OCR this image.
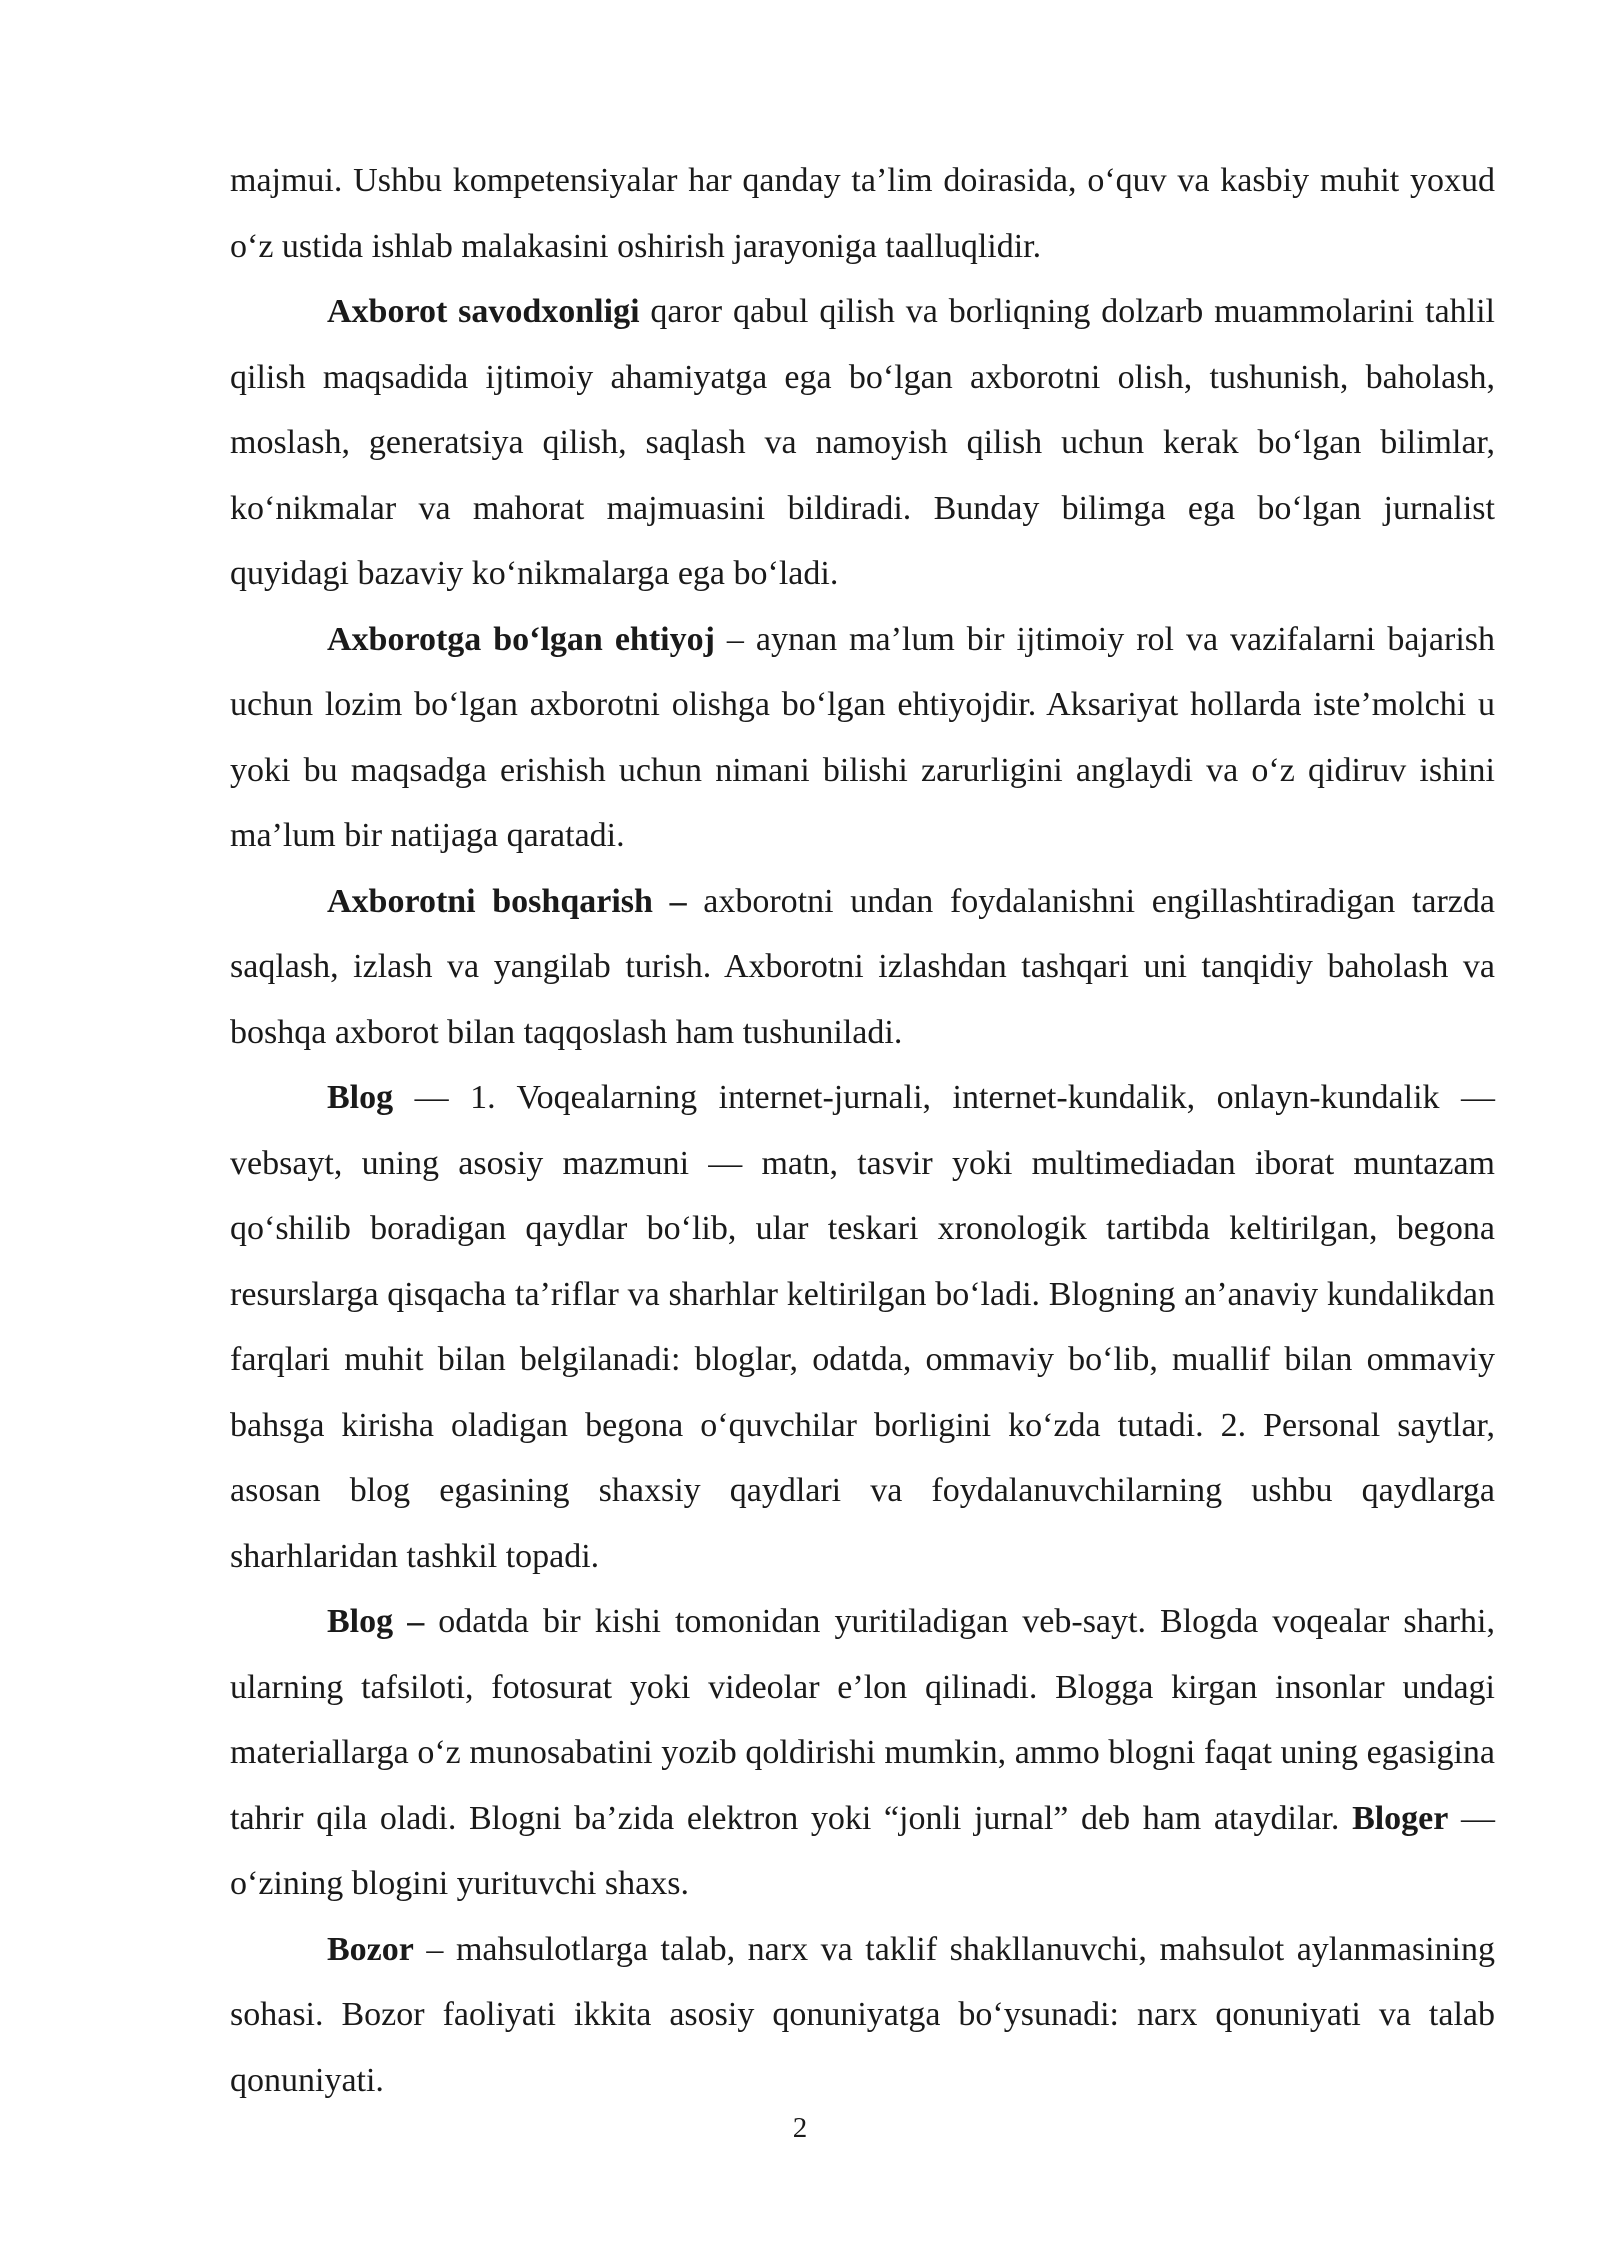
majmui. Ushbu kompetensiyalar har qanday ta’lim doirasida, o‘quv va kasbiy muhit yoxud o‘z ustida ishlab malakasini oshirish jarayoniga taalluqlidir.

Axborot savodxonligi qaror qabul qilish va borliqning dolzarb muammolarini tahlil qilish maqsadida ijtimoiy ahamiyatga ega bo‘lgan axborotni olish, tushunish, baholash, moslash, generatsiya qilish, saqlash va namoyish qilish uchun kerak bo‘lgan bilimlar, ko‘nikmalar va mahorat majmuasini bildiradi. Bunday bilimga ega bo‘lgan jurnalist quyidagi bazaviy ko‘nikmalarga ega bo‘ladi.

Axborotga bo‘lgan ehtiyoj – aynan ma’lum bir ijtimoiy rol va vazifalarni bajarish uchun lozim bo‘lgan axborotni olishga bo‘lgan ehtiyojdir. Aksariyat hollarda iste’molchi u yoki bu maqsadga erishish uchun nimani bilishi zarurligini anglaydi va o‘z qidiruv ishini ma’lum bir natijaga qaratadi.

Axborotni boshqarish – axborotni undan foydalanishni engillashtiradigan tarzda saqlash, izlash va yangilab turish. Axborotni izlashdan tashqari uni tanqidiy baholash va boshqa axborot bilan taqqoslash ham tushuniladi.

Blog — 1. Voqealarning internet-jurnali, internet-kundalik, onlayn-kundalik — vebsayt, uning asosiy mazmuni — matn, tasvir yoki multimediadan iborat muntazam qo‘shilib boradigan qaydlar bo‘lib, ular teskari xronologik tartibda keltirilgan, begona resurslarga qisqacha ta’riflar va sharhlar keltirilgan bo‘ladi. Blogning an’anaviy kundalikdan farqlari muhit bilan belgilanadi: bloglar, odatda, ommaviy bo‘lib, muallif bilan ommaviy bahsga kirisha oladigan begona o‘quvchilar borligini ko‘zda tutadi. 2. Personal saytlar, asosan blog egasining shaxsiy qaydlari va foydalanuvchilarning ushbu qaydlarga sharhlaridan tashkil topadi.

Blog – odatda bir kishi tomonidan yuritiladigan veb-sayt. Blogda voqealar sharhi, ularning tafsiloti, fotosurat yoki videolar e’lon qilinadi. Blogga kirgan insonlar undagi materiallarga o‘z munosabatini yozib qoldirishi mumkin, ammo blogni faqat uning egasigina tahrir qila oladi. Blogni ba’zida elektron yoki “jonli jurnal” deb ham ataydilar. Bloger — o‘zining blogini yurituvchi shaxs.

Bozor – mahsulotlarga talab, narx va taklif shakllanuvchi, mahsulot aylanmasining sohasi. Bozor faoliyati ikkita asosiy qonuniyatga bo‘ysunadi: narx qonuniyati va talab qonuniyati.

2
